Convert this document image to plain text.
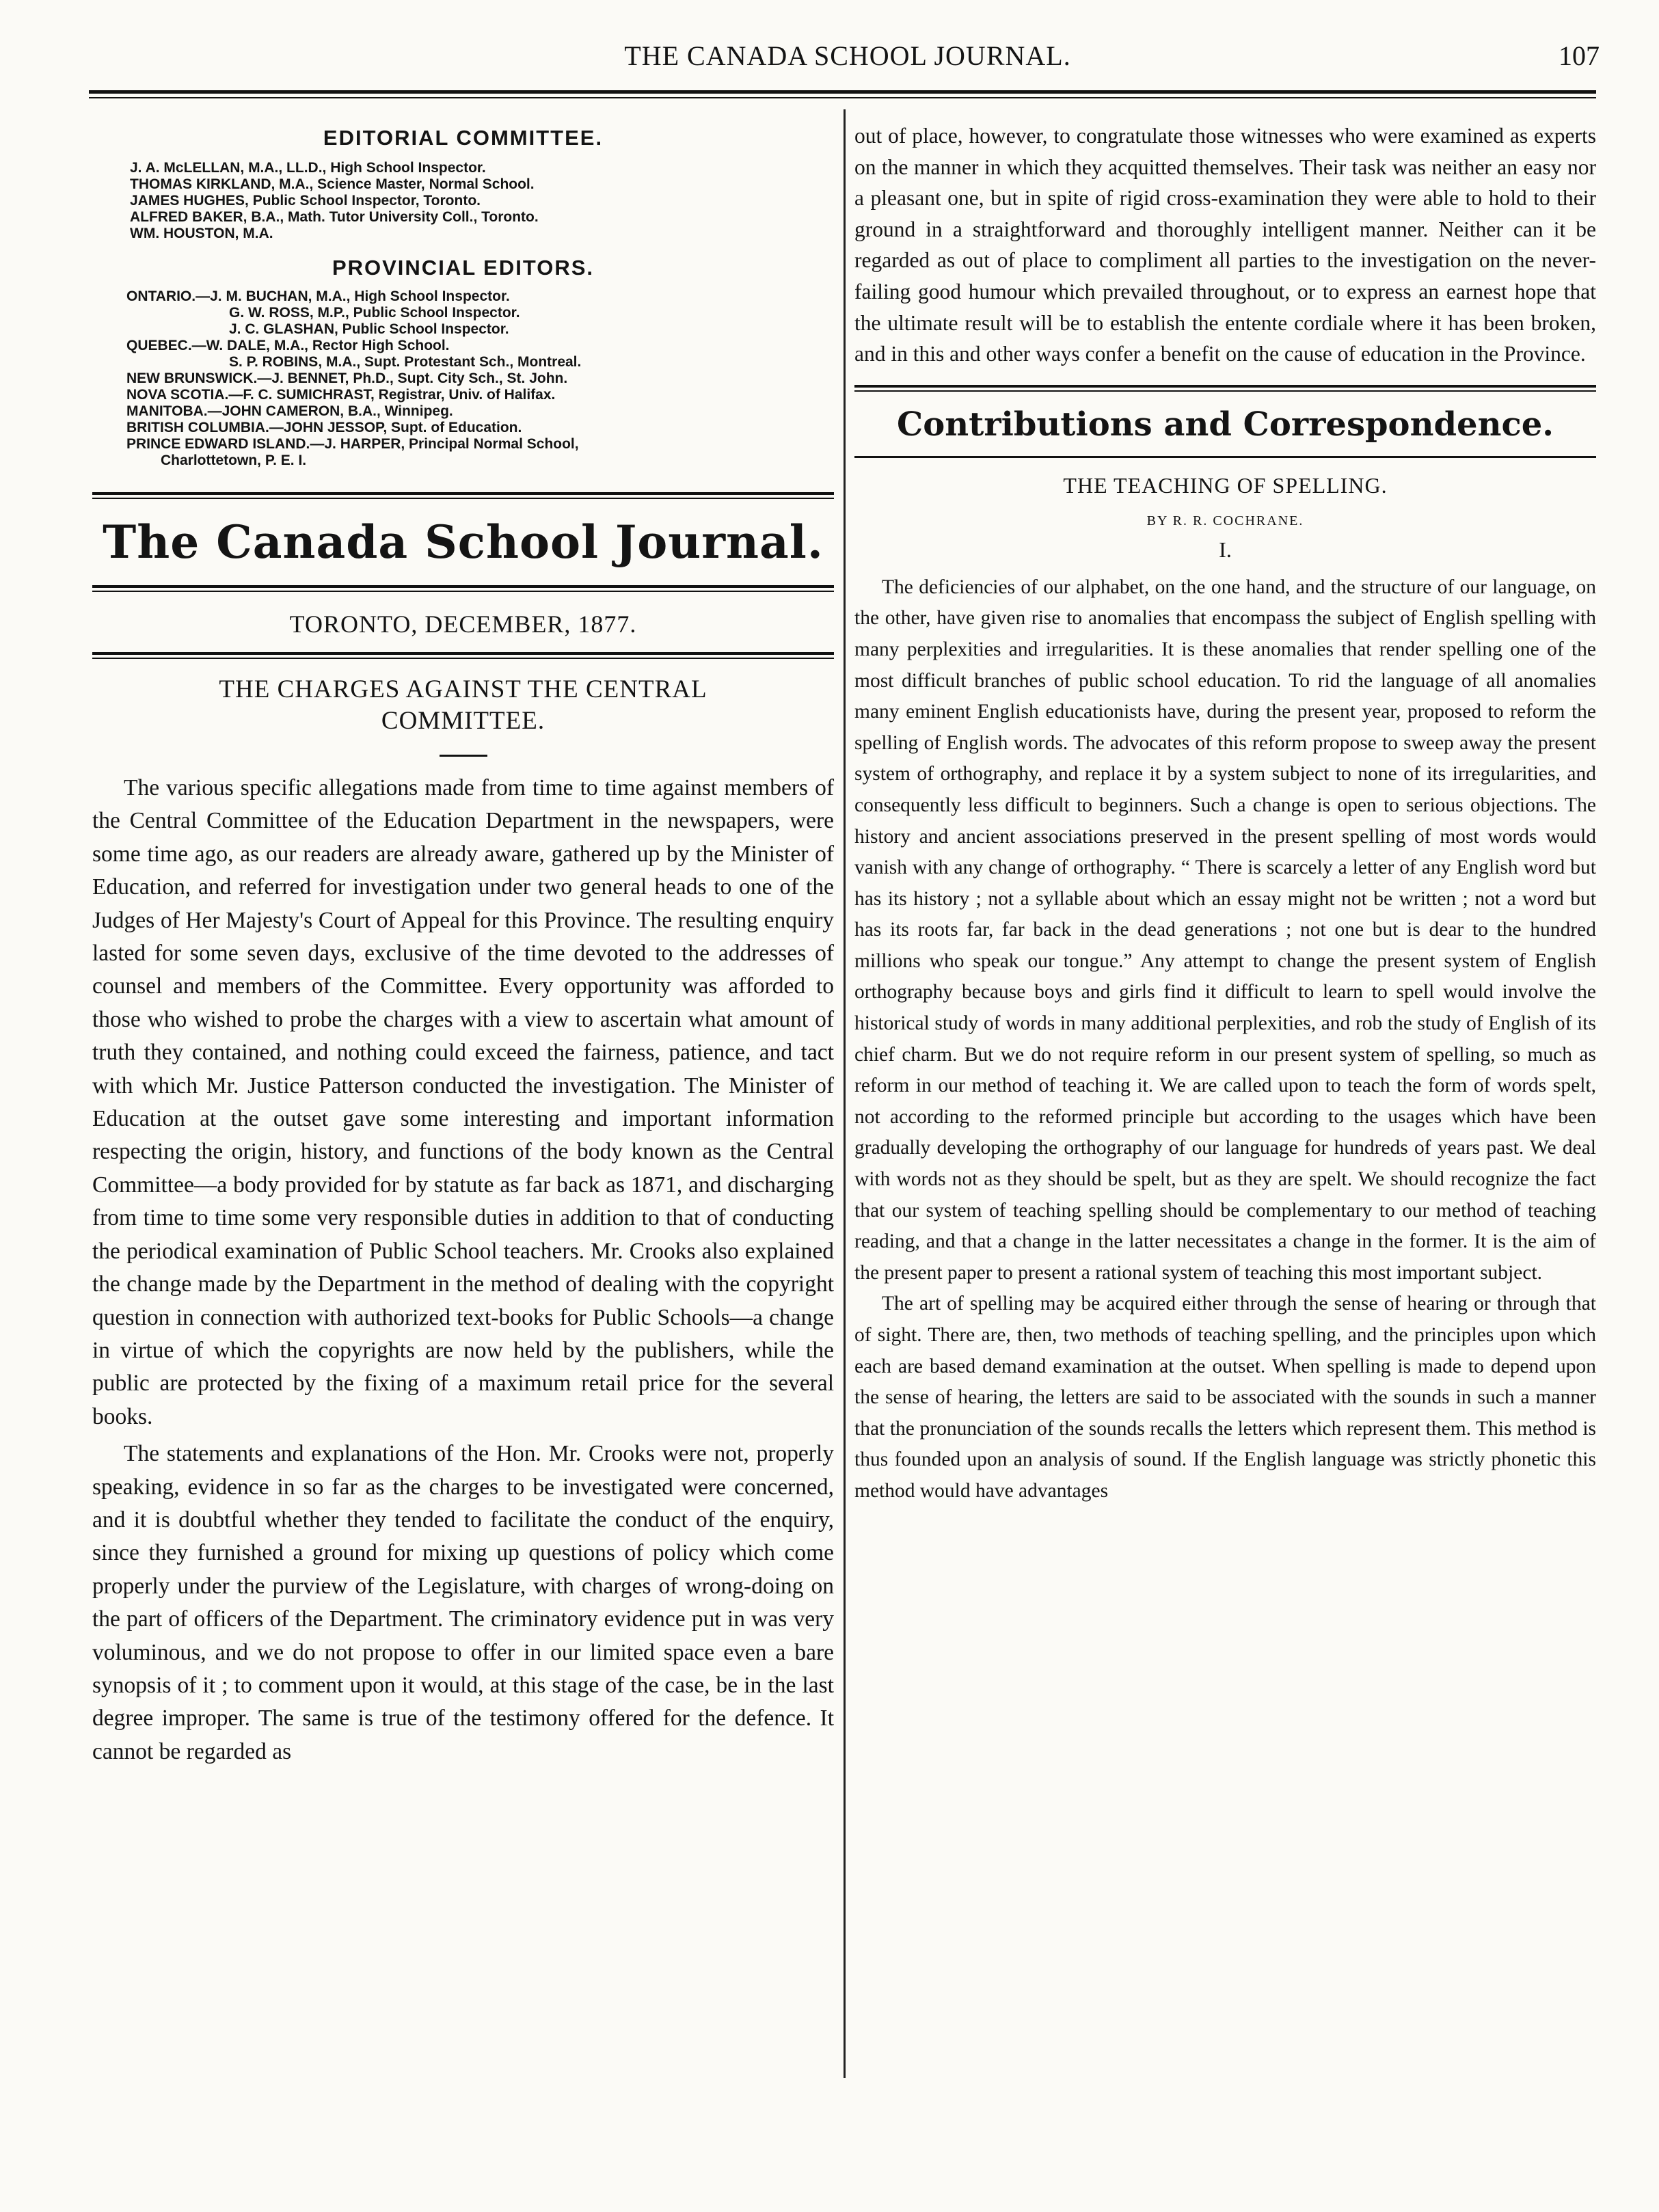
THE CANADA SCHOOL JOURNAL.	107
EDITORIAL COMMITTEE.
J. A. McLELLAN, M.A., LL.D., High School Inspector.
THOMAS KIRKLAND, M.A., Science Master, Normal School.
JAMES HUGHES, Public School Inspector, Toronto.
ALFRED BAKER, B.A., Math. Tutor University Coll., Toronto.
WM. HOUSTON, M.A.
PROVINCIAL EDITORS.
ONTARIO.—J. M. BUCHAN, M.A., High School Inspector.
G. W. ROSS, M.P., Public School Inspector.
J. C. GLASHAN, Public School Inspector.
QUEBEC.—W. DALE, M.A., Rector High School.
S. P. ROBINS, M.A., Supt. Protestant Sch., Montreal.
NEW BRUNSWICK.—J. BENNET, Ph.D., Supt. City Sch., St. John.
NOVA SCOTIA.—F. C. SUMICHRAST, Registrar, Univ. of Halifax.
MANITOBA.—JOHN CAMERON, B.A., Winnipeg.
BRITISH COLUMBIA.—JOHN JESSOP, Supt. of Education.
PRINCE EDWARD ISLAND.—J. HARPER, Principal Normal School,
Charlottetown, P. E. I.
The Canada School Journal.
TORONTO, DECEMBER, 1877.
THE CHARGES AGAINST THE CENTRAL
COMMITTEE.

The various specific allegations made from time to time against members of the Central Committee of the Education Department in the newspapers, were some time ago, as our readers are already aware, gathered up by the Minister of Education, and referred for investigation under two general heads to one of the Judges of Her Majesty's Court of Appeal for this Province. The resulting enquiry lasted for some seven days, exclusive of the time devoted to the addresses of counsel and members of the Committee. Every opportunity was afforded to those who wished to probe the charges with a view to ascertain what amount of truth they contained, and nothing could exceed the fairness, patience, and tact with which Mr. Justice Patterson conducted the investigation. The Minister of Education at the outset gave some interesting and important information respecting the origin, history, and functions of the body known as the Central Committee—a body provided for by statute as far back as 1871, and discharging from time to time some very responsible duties in addition to that of conducting the periodical examination of Public School teachers. Mr. Crooks also explained the change made by the Department in the method of dealing with the copyright question in connection with authorized text-books for Public Schools—a change in virtue of which the copyrights are now held by the publishers, while the public are protected by the fixing of a maximum retail price for the several books.

The statements and explanations of the Hon. Mr. Crooks were not, properly speaking, evidence in so far as the charges to be investigated were concerned, and it is doubtful whether they tended to facilitate the conduct of the enquiry, since they furnished a ground for mixing up questions of policy which come properly under the purview of the Legislature, with charges of wrong-doing on the part of officers of the Department. The criminatory evidence put in was very voluminous, and we do not propose to offer in our limited space even a bare synopsis of it ; to comment upon it would, at this stage of the case, be in the last degree improper. The same is true of the testimony offered for the defence. It cannot be regarded as

out of place, however, to congratulate those witnesses who were examined as experts on the manner in which they acquitted themselves. Their task was neither an easy nor a pleasant one, but in spite of rigid cross-examination they were able to hold to their ground in a straightforward and thoroughly intelligent manner. Neither can it be regarded as out of place to compliment all parties to the investigation on the never-failing good humour which prevailed throughout, or to express an earnest hope that the ultimate result will be to establish the entente cordiale where it has been broken, and in this and other ways confer a benefit on the cause of education in the Province.

Contributions and Correspondence.
THE TEACHING OF SPELLING.
BY R. R. COCHRANE.
I.

The deficiencies of our alphabet, on the one hand, and the structure of our language, on the other, have given rise to anomalies that encompass the subject of English spelling with many perplexities and irregularities. It is these anomalies that render spelling one of the most difficult branches of public school education. To rid the language of all anomalies many eminent English educationists have, during the present year, proposed to reform the spelling of English words. The advocates of this reform propose to sweep away the present system of orthography, and replace it by a system subject to none of its irregularities, and consequently less difficult to beginners. Such a change is open to serious objections. The history and ancient associations preserved in the present spelling of most words would vanish with any change of orthography. “ There is scarcely a letter of any English word but has its history ; not a syllable about which an essay might not be written ; not a word but has its roots far, far back in the dead generations ; not one but is dear to the hundred millions who speak our tongue.” Any attempt to change the present system of English orthography because boys and girls find it difficult to learn to spell would involve the historical study of words in many additional perplexities, and rob the study of English of its chief charm. But we do not require reform in our present system of spelling, so much as reform in our method of teaching it. We are called upon to teach the form of words spelt, not according to the reformed principle but according to the usages which have been gradually developing the orthography of our language for hundreds of years past. We deal with words not as they should be spelt, but as they are spelt. We should recognize the fact that our system of teaching spelling should be complementary to our method of teaching reading, and that a change in the latter necessitates a change in the former. It is the aim of the present paper to present a rational system of teaching this most important subject.

The art of spelling may be acquired either through the sense of hearing or through that of sight. There are, then, two methods of teaching spelling, and the principles upon which each are based demand examination at the outset. When spelling is made to depend upon the sense of hearing, the letters are said to be associated with the sounds in such a manner that the pronunciation of the sounds recalls the letters which represent them. This method is thus founded upon an analysis of sound. If the English language was strictly phonetic this method would have advantages
